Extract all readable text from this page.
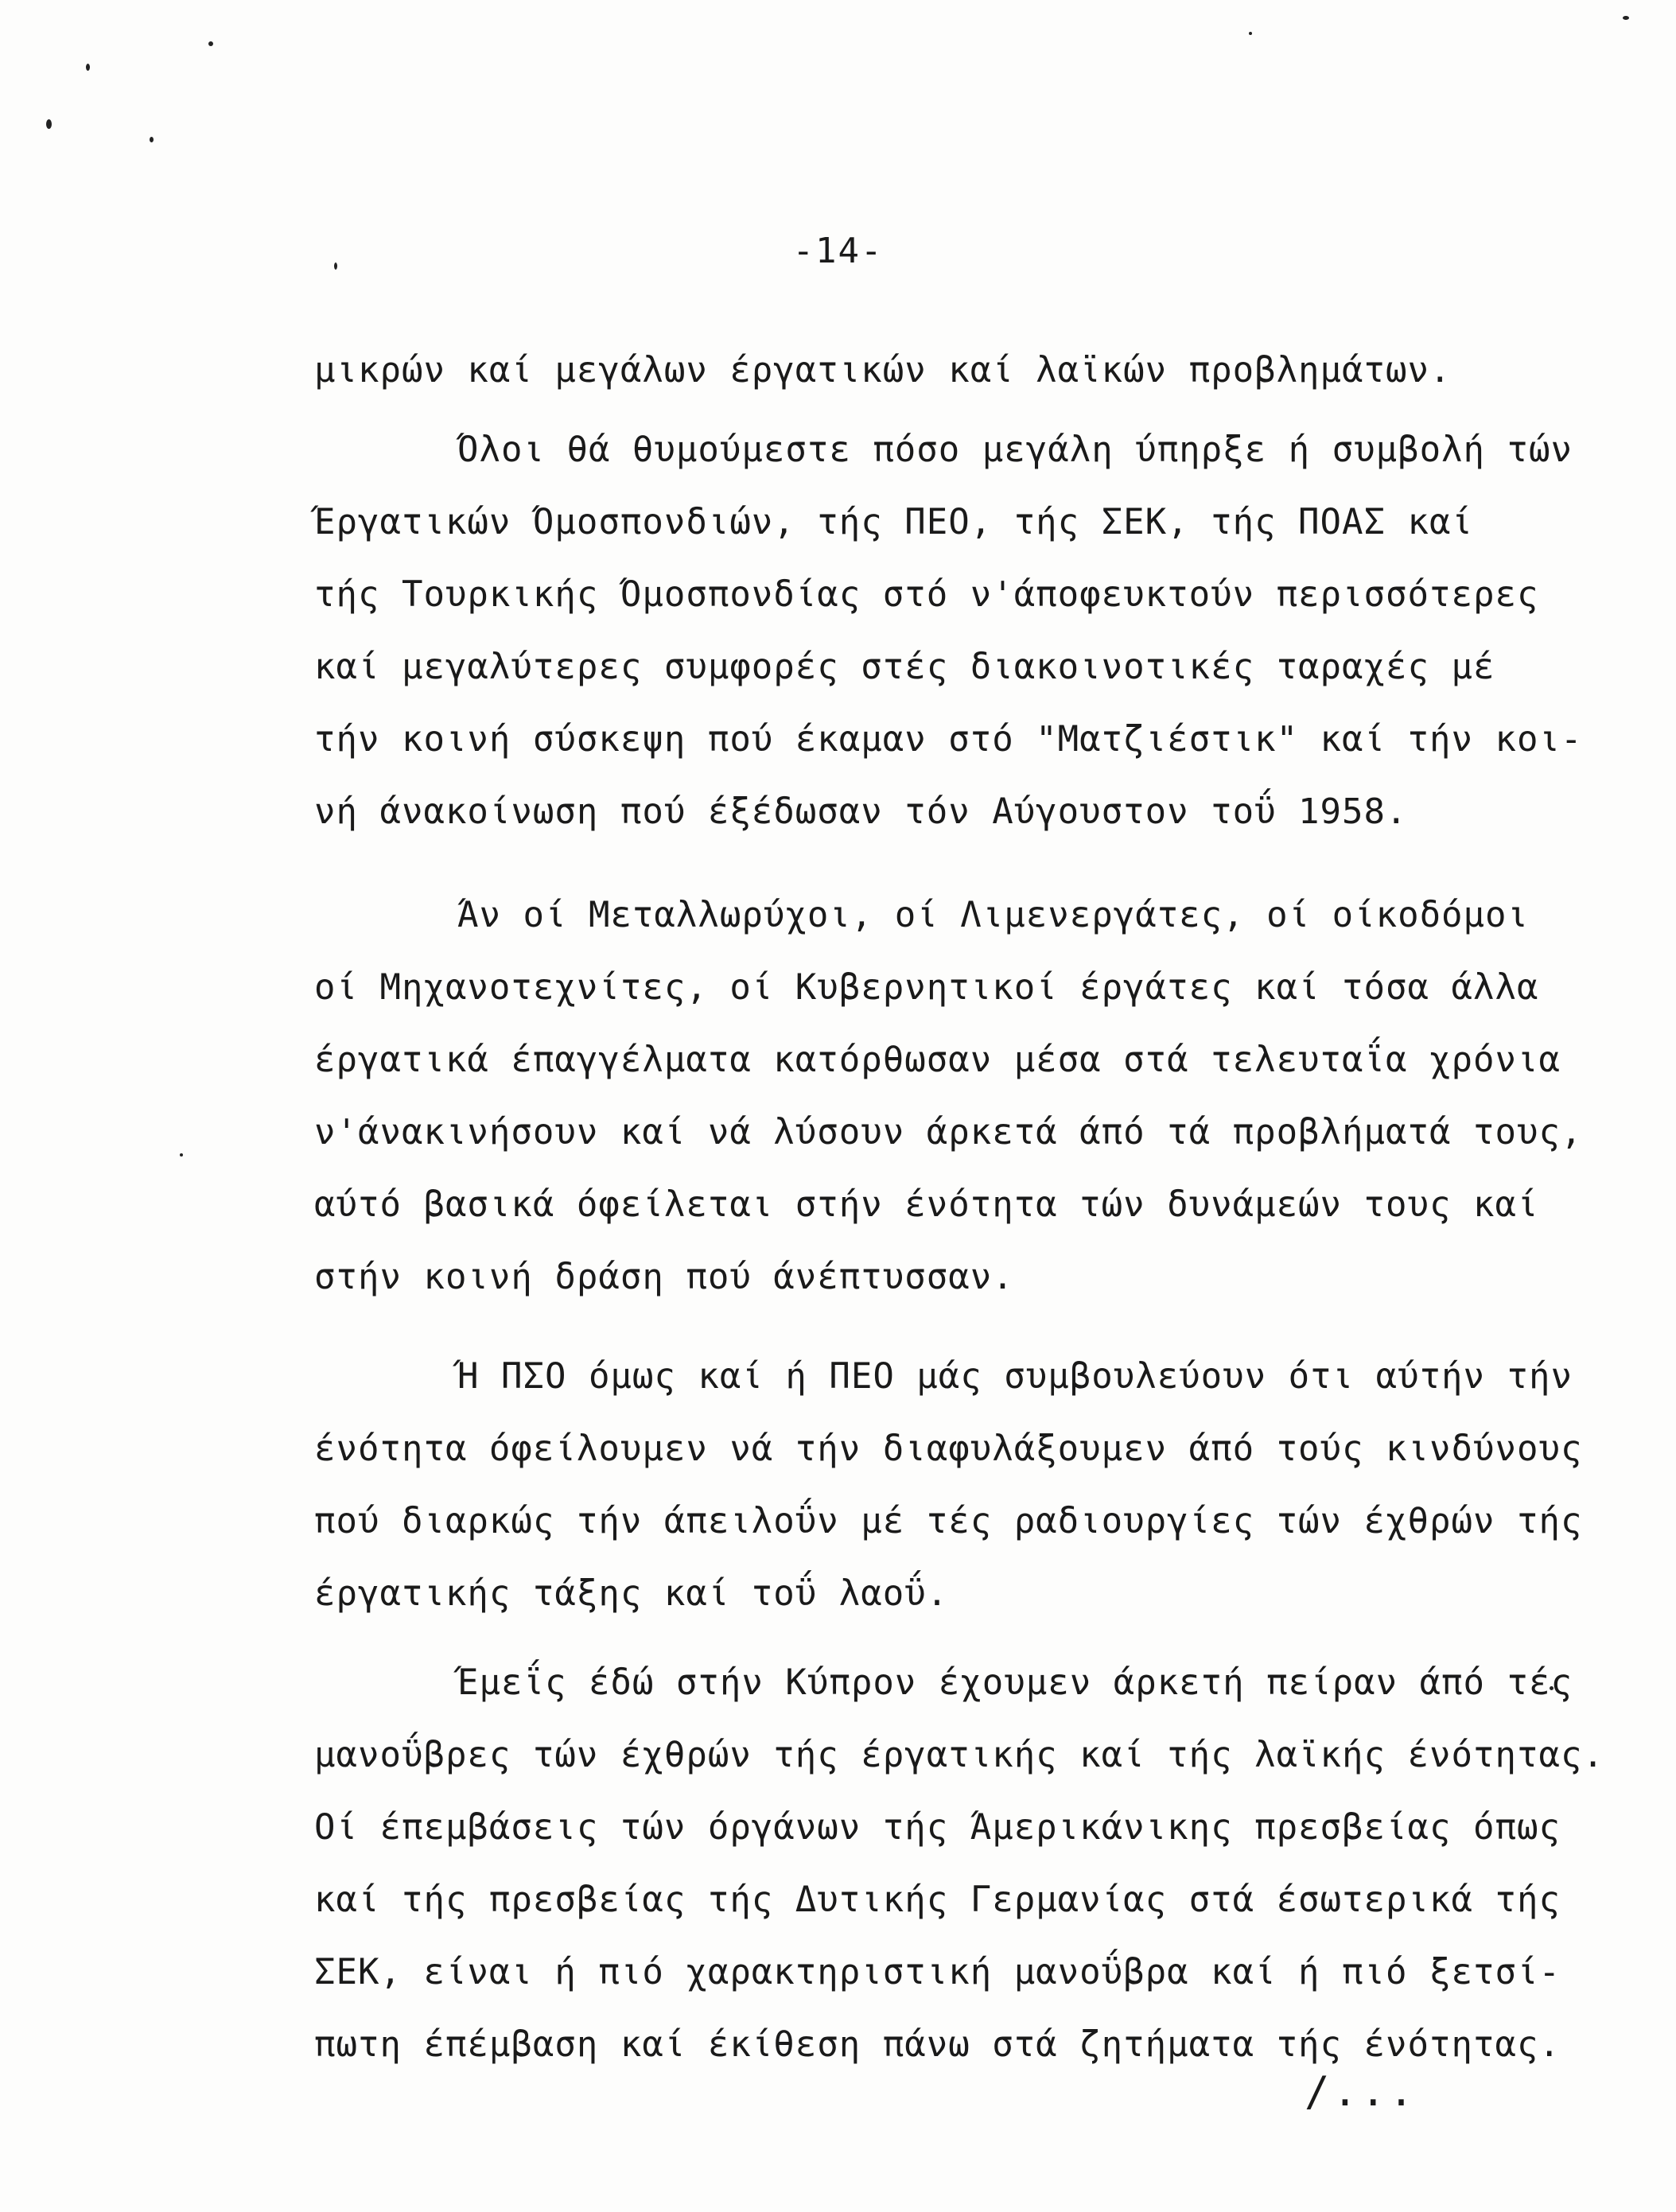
-14-
μικρών καί μεγάλων έργατικών καί λαϊκών προβλημάτων.
Όλοι θά θυμούμεστε πόσο μεγάλη ύπηρξε ή συμβολή τών
Έργατικών Όμοσπονδιών, τής ΠΕΟ, τής ΣΕΚ, τής ΠΟΑΣ καί
τής Τουρκικής Όμοσπονδίας στό ν'άποφευκτούν περισσότερες
καί μεγαλύτερες συμφορές στές διακοινοτικές ταραχές μέ
τήν κοινή σύσκεψη πού έκαμαν στό "Ματζιέστικ" καί τήν κοι-
νή άνακοίνωση πού έξέδωσαν τόν Αύγουστον τοΰ 1958.
Άν οί Μεταλλωρύχοι, οί Λιμενεργάτες, οί οίκοδόμοι
οί Μηχανοτεχνίτες, οί Κυβερνητικοί έργάτες καί τόσα άλλα
έργατικά έπαγγέλματα κατόρθωσαν μέσα στά τελευταΐα χρόνια
ν'άνακινήσουν καί νά λύσουν άρκετά άπό τά προβλήματά τους,
αύτό βασικά όφείλεται στήν ένότητα τών δυνάμεών τους καί
στήν κοινή δράση πού άνέπτυσσαν.
Ή ΠΣΟ όμως καί ή ΠΕΟ μάς συμβουλεύουν ότι αύτήν τήν
ένότητα όφείλουμεν νά τήν διαφυλάξουμεν άπό τούς κινδύνους
πού διαρκώς τήν άπειλοΰν μέ τές ραδιουργίες τών έχθρών τής
έργατικής τάξης καί τοΰ λαοΰ.
Έμεΐς έδώ στήν Κύπρον έχουμεν άρκετή πείραν άπό τές
μανοΰβρες τών έχθρών τής έργατικής καί τής λαϊκής ένότητας.
Οί έπεμβάσεις τών όργάνων τής Άμερικάνικης πρεσβείας όπως
καί τής πρεσβείας τής Δυτικής Γερμανίας στά έσωτερικά τής
ΣΕΚ, είναι ή πιό χαρακτηριστική μανοΰβρα καί ή πιό ξετσί-
πωτη έπέμβαση καί έκίθεση πάνω στά ζητήματα τής ένότητας.
/...
